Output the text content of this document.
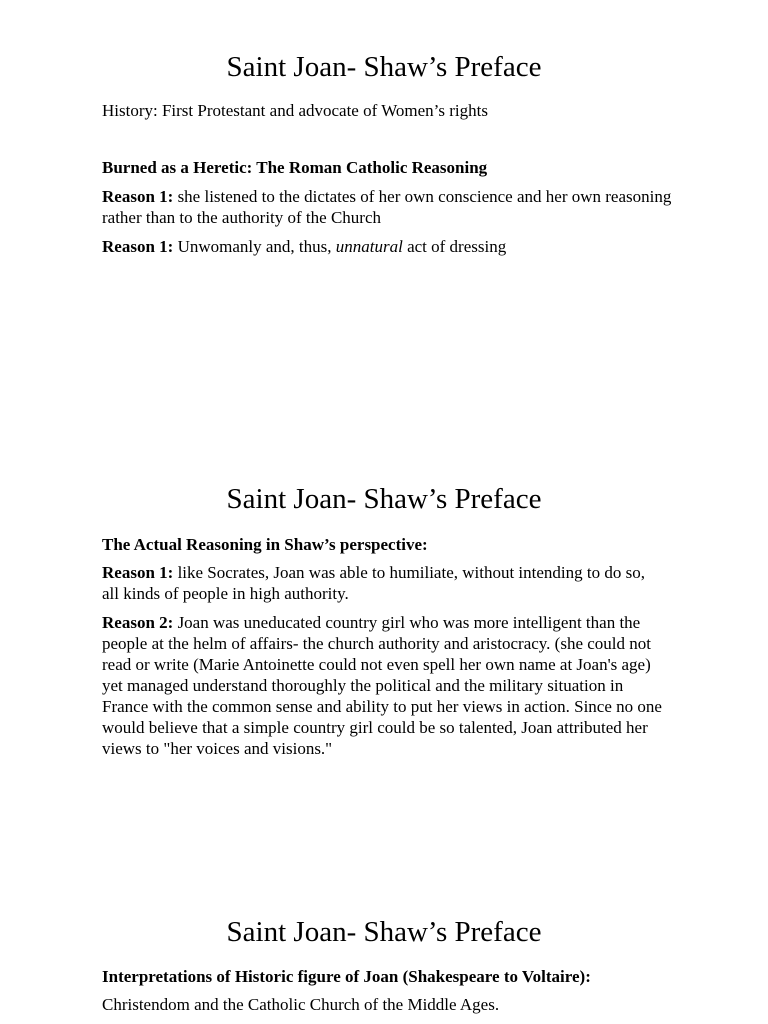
Saint Joan- Shaw’s Preface

History: First Protestant and advocate of Women’s rights

Burned as a Heretic: The Roman Catholic Reasoning

Reason 1: she listened to the dictates of her own conscience and her own reasoning rather than to the authority of the Church

Reason 1: Unwomanly and, thus, unnatural act of dressing

Saint Joan- Shaw’s Preface

The Actual Reasoning in Shaw’s perspective:

Reason 1: like Socrates, Joan was able to humiliate, without intending to do so, all kinds of people in high authority.

Reason 2: Joan was uneducated country girl who was more intelligent than the people at the helm of affairs- the church authority and aristocracy. (she could not read or write (Marie Antoinette could not even spell her own name at Joan's age) yet managed understand thoroughly the political and the military situation in France with the common sense and ability to put her views in action. Since no one would believe that a simple country girl could be so talented, Joan attributed her views to "her voices and visions."

Saint Joan- Shaw’s Preface

Interpretations of Historic figure of Joan (Shakespeare to Voltaire):

Christendom and the Catholic Church of the Middle Ages.
